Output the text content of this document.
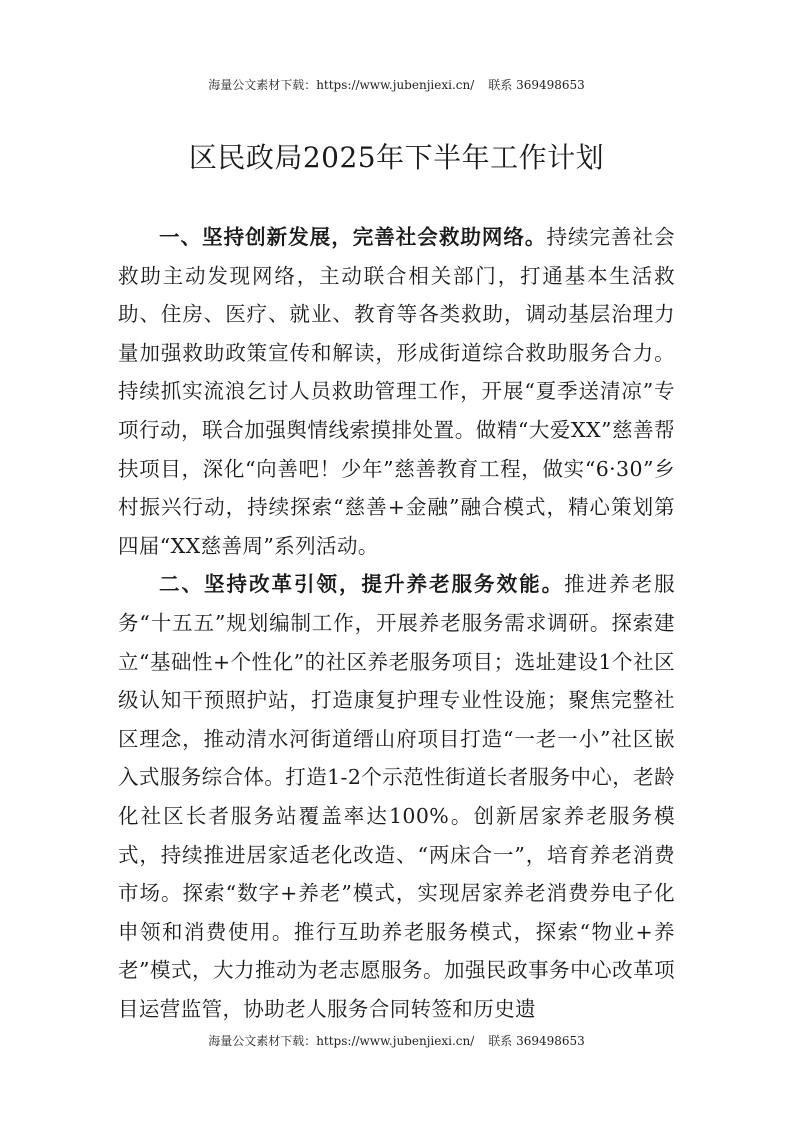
海量公文素材下载：https://www.jubenjiexi.cn/ 联系 369498653
区民政局2025年下半年工作计划

一、坚持创新发展，完善社会救助网络。持续完善社会救助主动发现网络，主动联合相关部门，打通基本生活救助、住房、医疗、就业、教育等各类救助，调动基层治理力量加强救助政策宣传和解读，形成街道综合救助服务合力。持续抓实流浪乞讨人员救助管理工作，开展“夏季送清凉”专项行动，联合加强舆情线索摸排处置。做精“大爱XX”慈善帮扶项目，深化“向善吧！少年”慈善教育工程，做实“6·30”乡村振兴行动，持续探索“慈善+金融”融合模式，精心策划第四届“XX慈善周”系列活动。

二、坚持改革引领，提升养老服务效能。推进养老服务“十五五”规划编制工作，开展养老服务需求调研。探索建立“基础性+个性化”的社区养老服务项目；选址建设1个社区级认知干预照护站，打造康复护理专业性设施；聚焦完整社区理念，推动清水河街道缙山府项目打造“一老一小”社区嵌入式服务综合体。打造1-2个示范性街道长者服务中心，老龄化社区长者服务站覆盖率达100%。创新居家养老服务模式，持续推进居家适老化改造、“两床合一”，培育养老消费市场。探索“数字+养老”模式，实现居家养老消费券电子化申领和消费使用。推行互助养老服务模式，探索“物业+养老”模式，大力推动为老志愿服务。加强民政事务中心改革项目运营监管，协助老人服务合同转签和历史遗

海量公文素材下载：https://www.jubenjiexi.cn/ 联系 369498653
